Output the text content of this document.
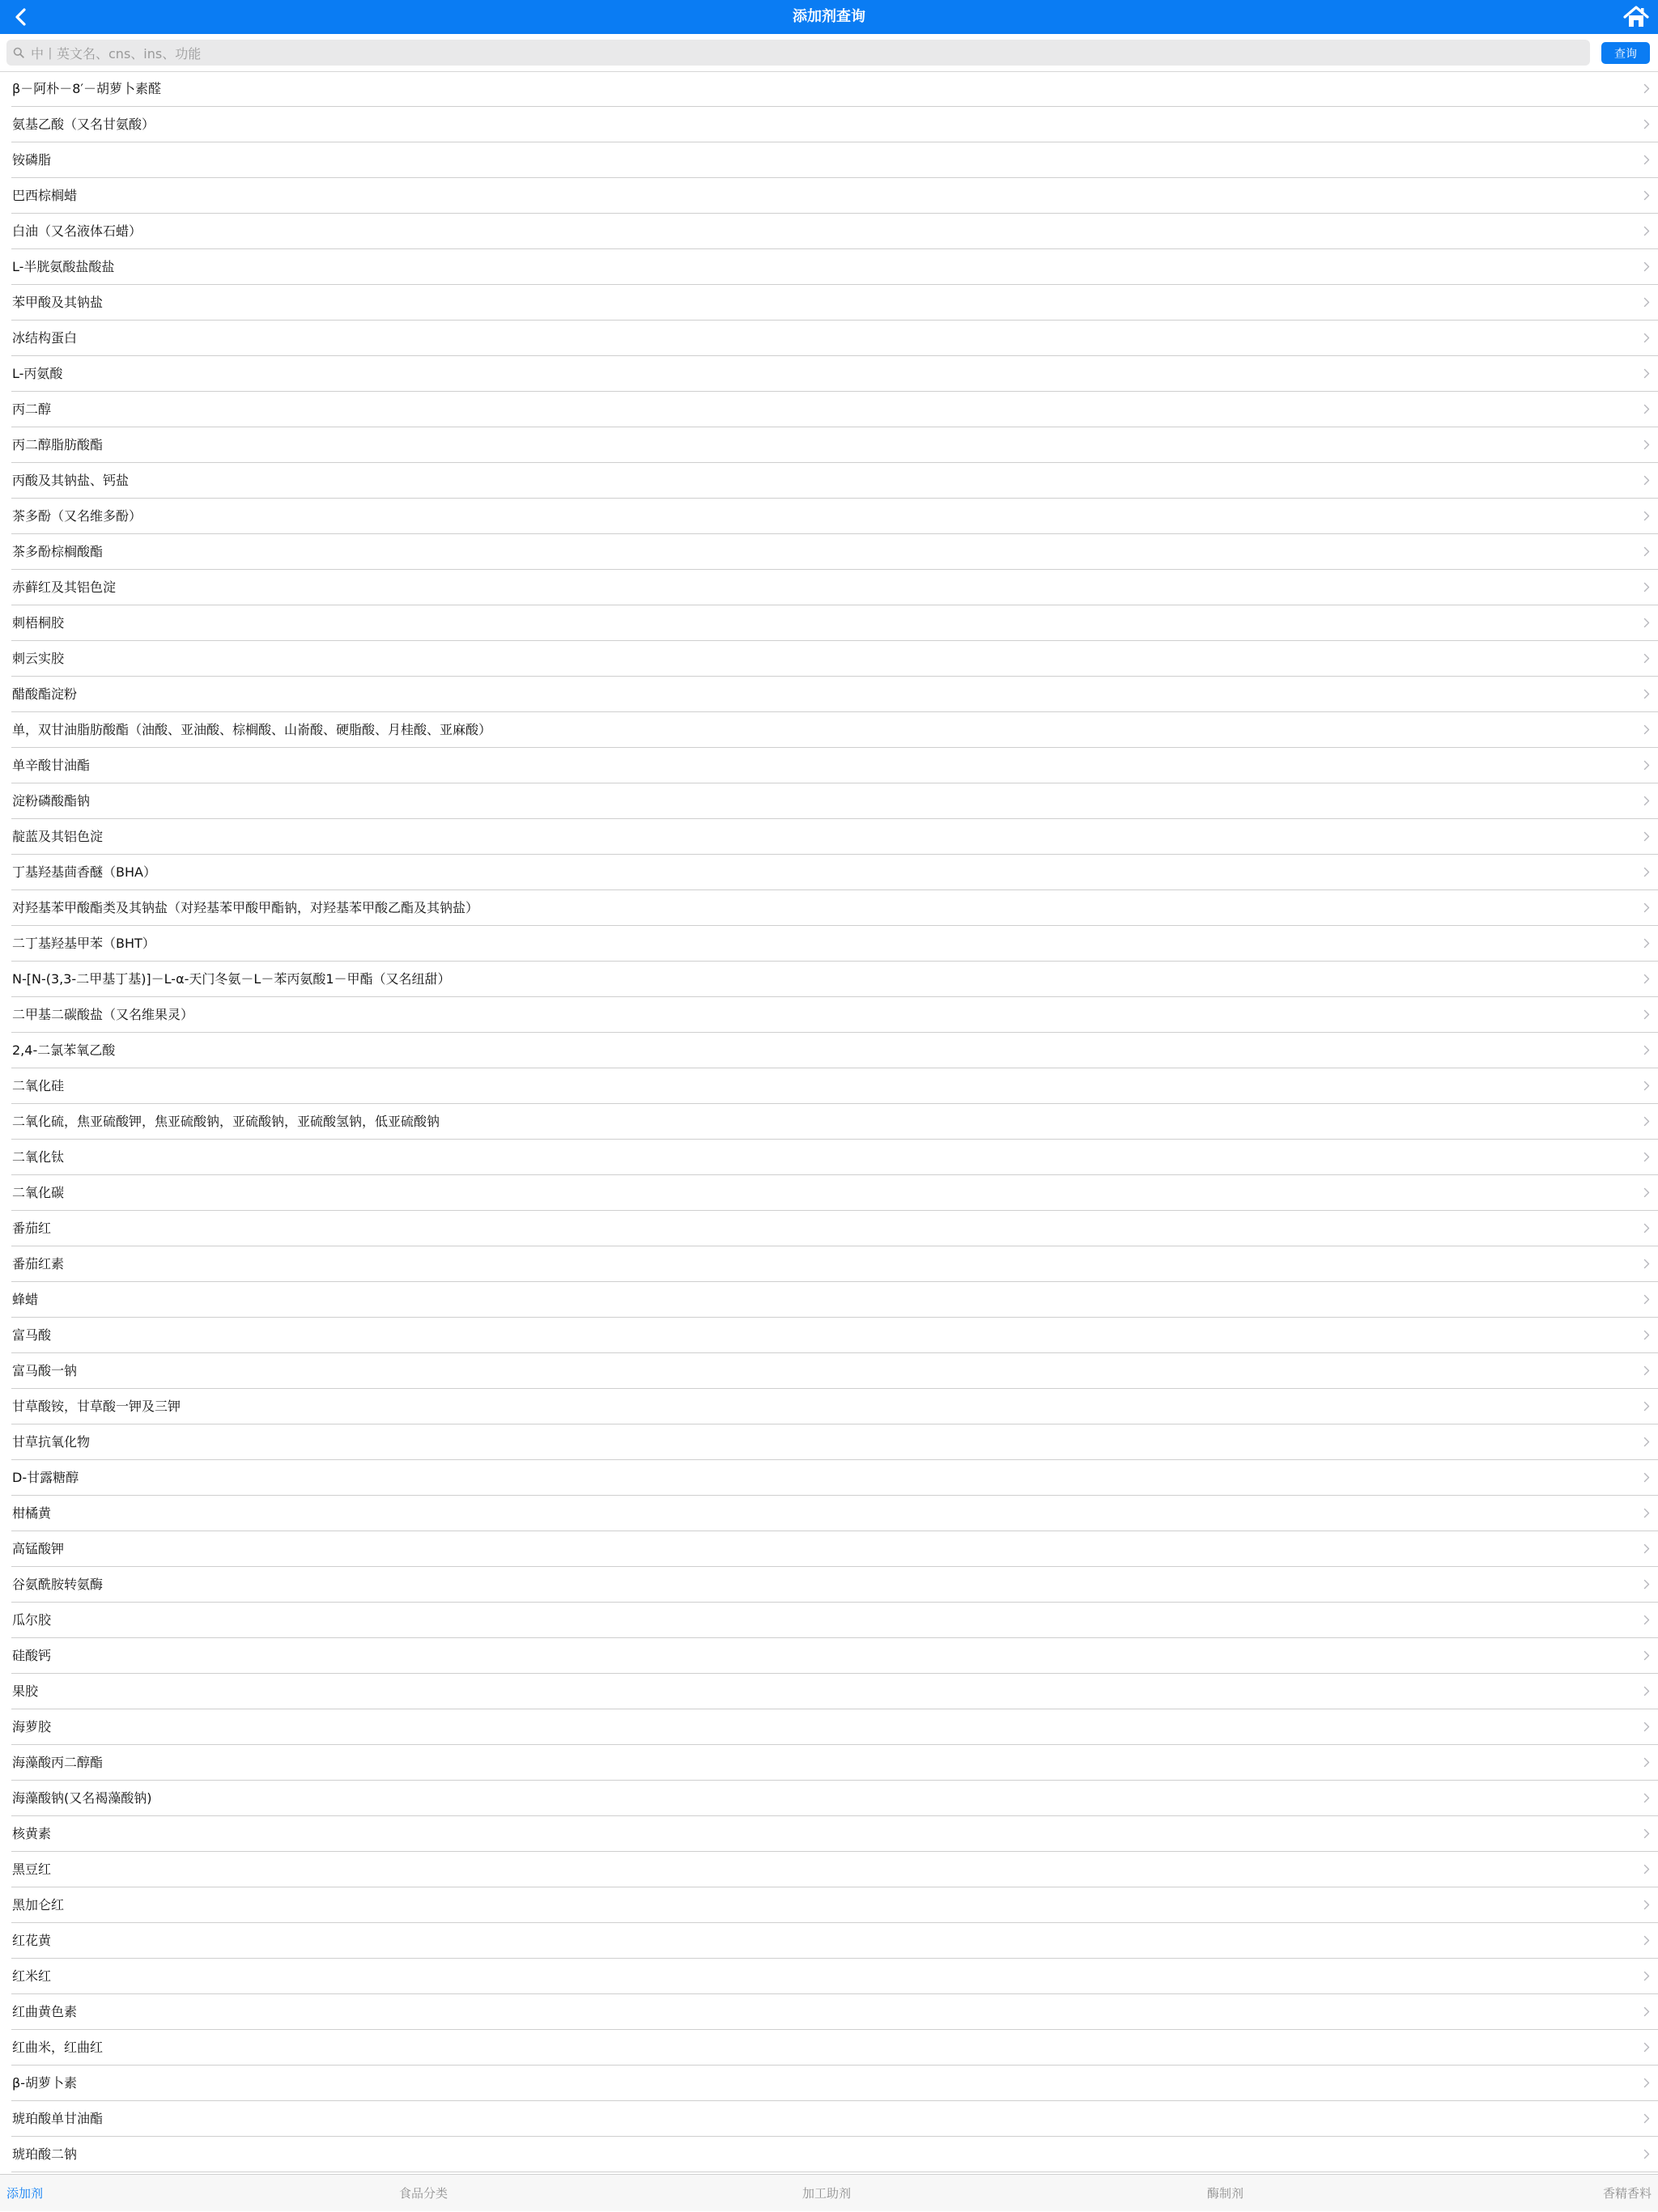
添加剂查询
中丨英文名、cns、ins、功能
查询
β－阿朴－8′－胡萝卜素醛
氨基乙酸（又名甘氨酸）
铵磷脂
巴西棕榈蜡
白油（又名液体石蜡）
L-半胱氨酸盐酸盐
苯甲酸及其钠盐
冰结构蛋白
L-丙氨酸
丙二醇
丙二醇脂肪酸酯
丙酸及其钠盐、钙盐
茶多酚（又名维多酚）
茶多酚棕榈酸酯
赤藓红及其铝色淀
刺梧桐胶
刺云实胶
醋酸酯淀粉
单，双甘油脂肪酸酯（油酸、亚油酸、棕榈酸、山嵛酸、硬脂酸、月桂酸、亚麻酸）
单辛酸甘油酯
淀粉磷酸酯钠
靛蓝及其铝色淀
丁基羟基茴香醚（BHA）
对羟基苯甲酸酯类及其钠盐（对羟基苯甲酸甲酯钠，对羟基苯甲酸乙酯及其钠盐）
二丁基羟基甲苯（BHT）
N-[N-(3,3-二甲基丁基)]－L-α-天门冬氨－L－苯丙氨酸1－甲酯（又名纽甜）
二甲基二碳酸盐（又名维果灵）
2,4-二氯苯氧乙酸
二氧化硅
二氧化硫，焦亚硫酸钾，焦亚硫酸钠，亚硫酸钠，亚硫酸氢钠，低亚硫酸钠
二氧化钛
二氧化碳
番茄红
番茄红素
蜂蜡
富马酸
富马酸一钠
甘草酸铵，甘草酸一钾及三钾
甘草抗氧化物
D-甘露糖醇
柑橘黄
高锰酸钾
谷氨酰胺转氨酶
瓜尔胶
硅酸钙
果胶
海萝胶
海藻酸丙二醇酯
海藻酸钠(又名褐藻酸钠)
核黄素
黑豆红
黑加仑红
红花黄
红米红
红曲黄色素
红曲米，红曲红
β-胡萝卜素
琥珀酸单甘油酯
琥珀酸二钠
添加剂	食品分类	加工助剂	酶制剂	香精香料
